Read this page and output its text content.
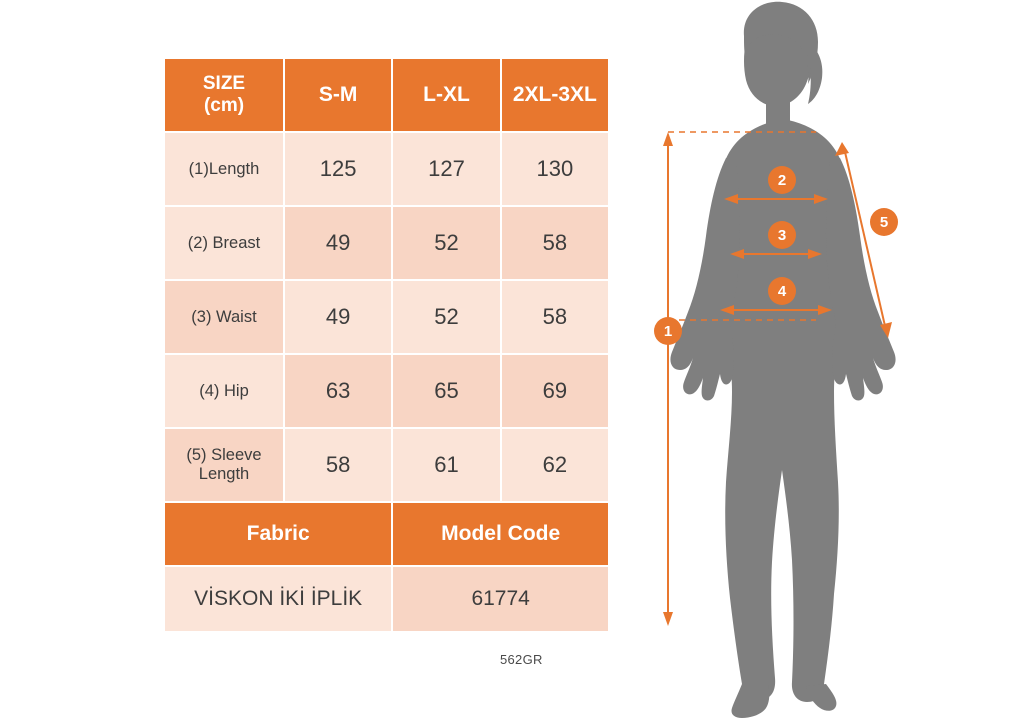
SIZE
(cm)	S-M	L-XL	2XL-3XL
(1)Length	125	127	130
(2) Breast	49	52	58
(3) Waist	49	52	58
(4) Hip	63	65	69

(5) Sleeve
Length	58	61	62
Fabric		Model Code	
VİSKON İKİ İPLİK		61774	
562GR
1
2
3
4
5
